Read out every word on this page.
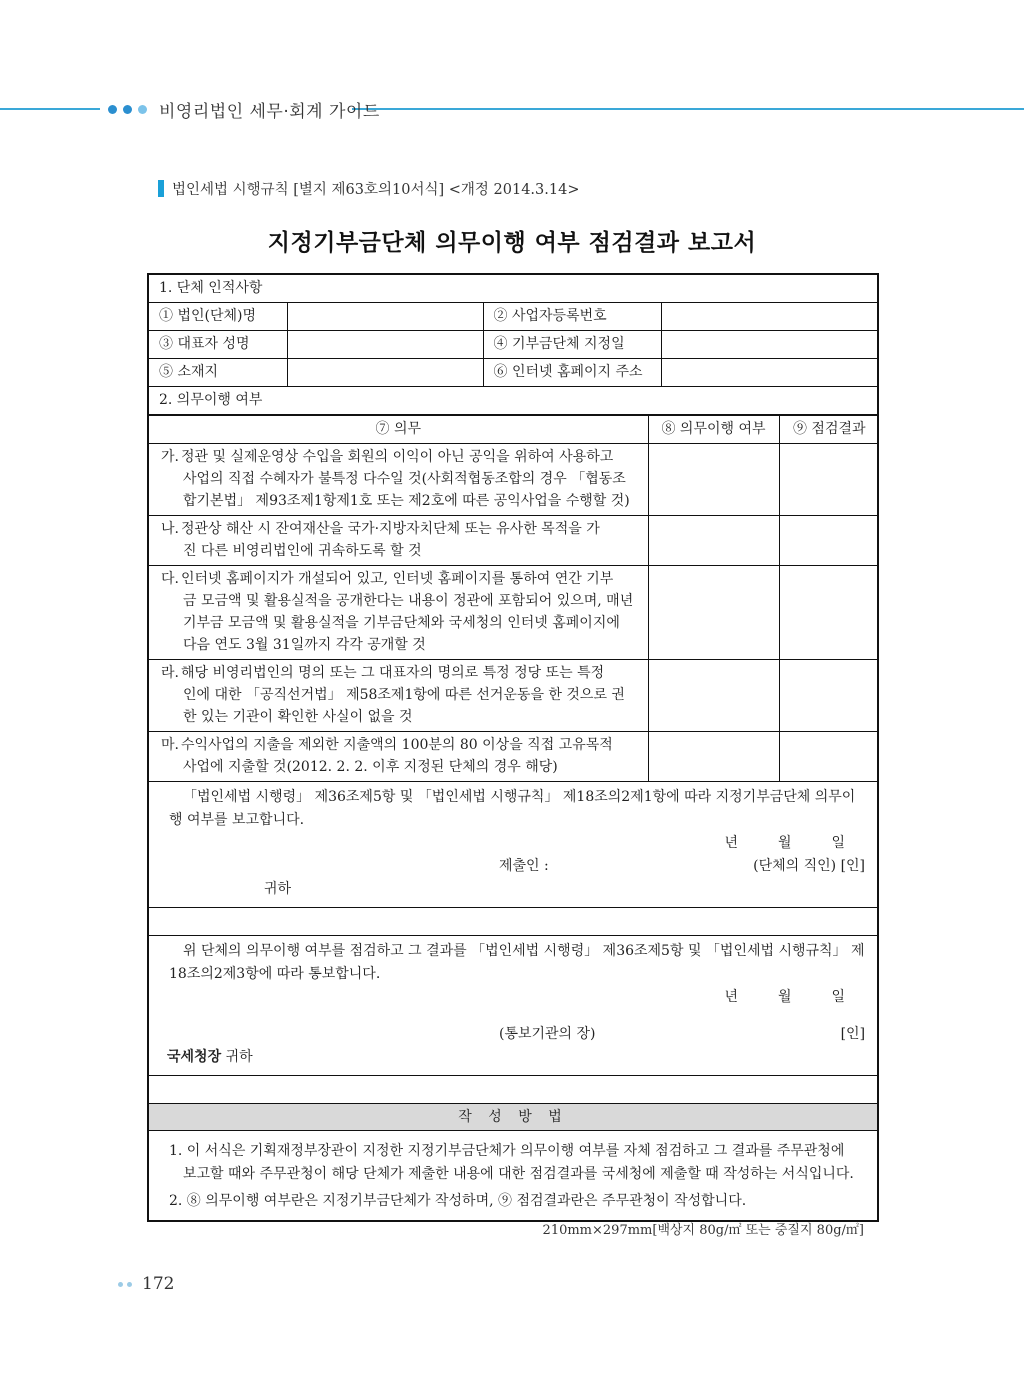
비영리법인 세무·회계 가이드
법인세법 시행규칙 [별지 제63호의10서식] <개정 2014.3.14>
지정기부금단체 의무이행 여부 점검결과 보고서
1. 단체 인적사항
① 법인(단체)명		② 사업자등록번호	
③ 대표자 성명		④ 기부금단체 지정일	
⑤ 소재지		⑥ 인터넷 홈페이지 주소	
2. 의무이행 여부

⑦ 의무	⑧ 의무이행 여부	⑨ 점검결과
가. 정관 및 실제운영상 수입을 회원의 이익이 아닌 공익을 위하여 사용하고
사업의 직접 수혜자가 불특정 다수일 것(사회적협동조합의 경우 「협동조합기본법」 제93조제1항제1호 또는 제2호에 따른 공익사업을 수행할 것)

나. 정관상 해산 시 잔여재산을 국가·지방자치단체 또는 유사한 목적을 가
진 다른 비영리법인에 귀속하도록 할 것

다. 인터넷 홈페이지가 개설되어 있고, 인터넷 홈페이지를 통하여 연간 기부
금 모금액 및 활용실적을 공개한다는 내용이 정관에 포함되어 있으며, 매년 기부금 모금액 및 활용실적을 기부금단체와 국세청의 인터넷 홈페이지에 다음 연도 3월 31일까지 각각 공개할 것

라. 해당 비영리법인의 명의 또는 그 대표자의 명의로 특정 정당 또는 특정
인에 대한 「공직선거법」 제58조제1항에 따른 선거운동을 한 것으로 권한 있는 기관이 확인한 사실이 없을 것

마. 수익사업의 지출을 제외한 지출액의 100분의 80 이상을 직접 고유목적
사업에 지출할 것(2012. 2. 2. 이후 지정된 단체의 경우 해당)

「법인세법 시행령」 제36조제5항 및 「법인세법 시행규칙」 제18조의2제1항에 따라 지정기부금단체 의무이행 여부를 보고합니다.
년	월	일
제출인 :	(단체의 직인) [인]
귀하

위 단체의 의무이행 여부를 점검하고 그 결과를 「법인세법 시행령」 제36조제5항 및 「법인세법 시행규칙」 제18조의2제3항에 따라 통보합니다.
년	월	일
(통보기관의 장)	[인]
국세청장 귀하

작 성 방 법

1. 이 서식은 기획재정부장관이 지정한 지정기부금단체가 의무이행 여부를 자체 점검하고 그 결과를 주무관청에
보고할 때와 주무관청이 해당 단체가 제출한 내용에 대한 점검결과를 국세청에 제출할 때 작성하는 서식입니다.
2. ⑧ 의무이행 여부란은 지정기부금단체가 작성하며, ⑨ 점검결과란은 주무관청이 작성합니다.
210mm×297mm[백상지 80g/㎡ 또는 중질지 80g/㎡]
172
